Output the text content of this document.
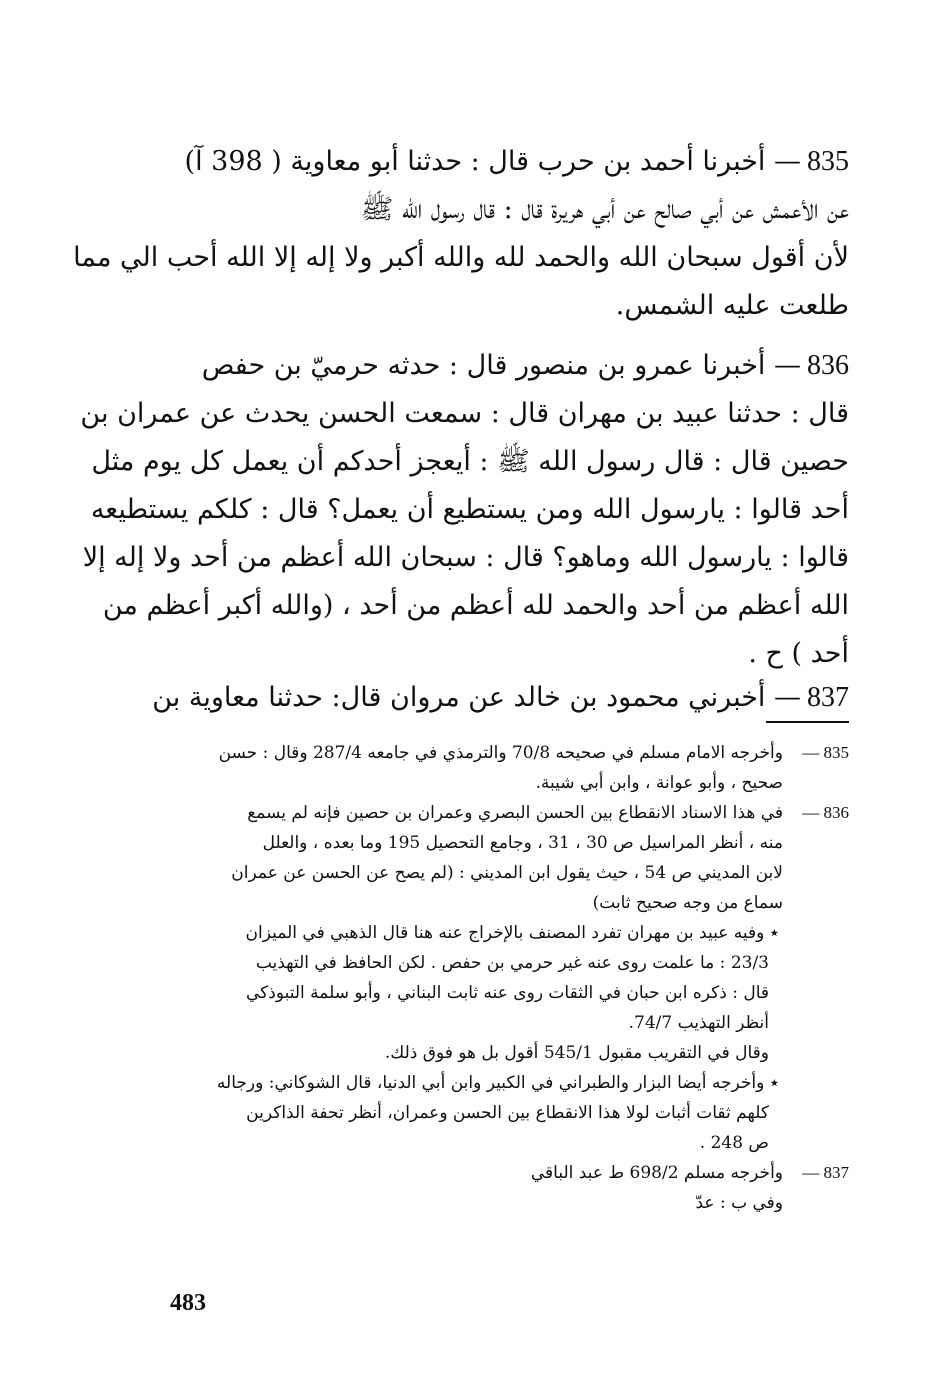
835— أخبرنا أحمد بن حرب قال : حدثنا أبو معاوية ( 398 آ)
عن الأعمش عن أبي صالح عن أبي هريرة قال : قال رسول الله ﷺ
لأن أقول سبحان الله والحمد لله والله أكبر ولا إله إلا الله أحب الي مما
طلعت عليه الشمس.
836— أخبرنا عمرو بن منصور قال : حدثه حرميّ بن حفص
قال : حدثنا عبيد بن مهران قال : سمعت الحسن يحدث عن عمران بن
حصين قال : قال رسول الله ﷺ : أيعجز أحدكم أن يعمل كل يوم مثل
أحد قالوا : يارسول الله ومن يستطيع أن يعمل؟ قال : كلكم يستطيعه
قالوا : يارسول الله وماهو؟ قال : سبحان الله أعظم من أحد ولا إله إلا
الله أعظم من أحد والحمد لله أعظم من أحد ، (والله أكبر أعظم من
أحد ) ح .
837— أخبرني محمود بن خالد عن مروان قال: حدثنا معاوية بن
835 —وأخرجه الامام مسلم في صحيحه 70/8 والترمذي في جامعه 287/4 وقال : حسن
صحيح ، وأبو عوانة ، وابن أبي شيبة.
836 —في هذا الاسناد الانقطاع بين الحسن البصري وعمران بن حصين فإنه لم يسمع
منه ، أنظر المراسيل ص 30 ، 31 ، وجامع التحصيل 195 وما بعده ، والعلل
لابن المديني ص 54 ، حيث يقول ابن المديني : (لم يصح عن الحسن عن عمران
سماع من وجه صحيح ثابت)
٭ وفيه عبيد بن مهران تفرد المصنف بالإخراج عنه هنا قال الذهبي في الميزان
23/3 : ما علمت روى عنه غير حرمي بن حفص . لكن الحافظ في التهذيب
قال : ذكره ابن حبان في الثقات روى عنه ثابت البناني ، وأبو سلمة التبوذكي
أنظر التهذيب 74/7.
وقال في التقريب مقبول 545/1 أقول بل هو فوق ذلك.
٭ وأخرجه أيضا البزار والطبراني في الكبير وابن أبي الدنيا، قال الشوكاني: ورجاله
كلهم ثقات أثبات لولا هذا الانقطاع بين الحسن وعمران، أنظر تحفة الذاكرين
ص 248 .
837 —وأخرجه مسلم 698/2 ط عبد الباقي
وفي ب : عدّ
483
